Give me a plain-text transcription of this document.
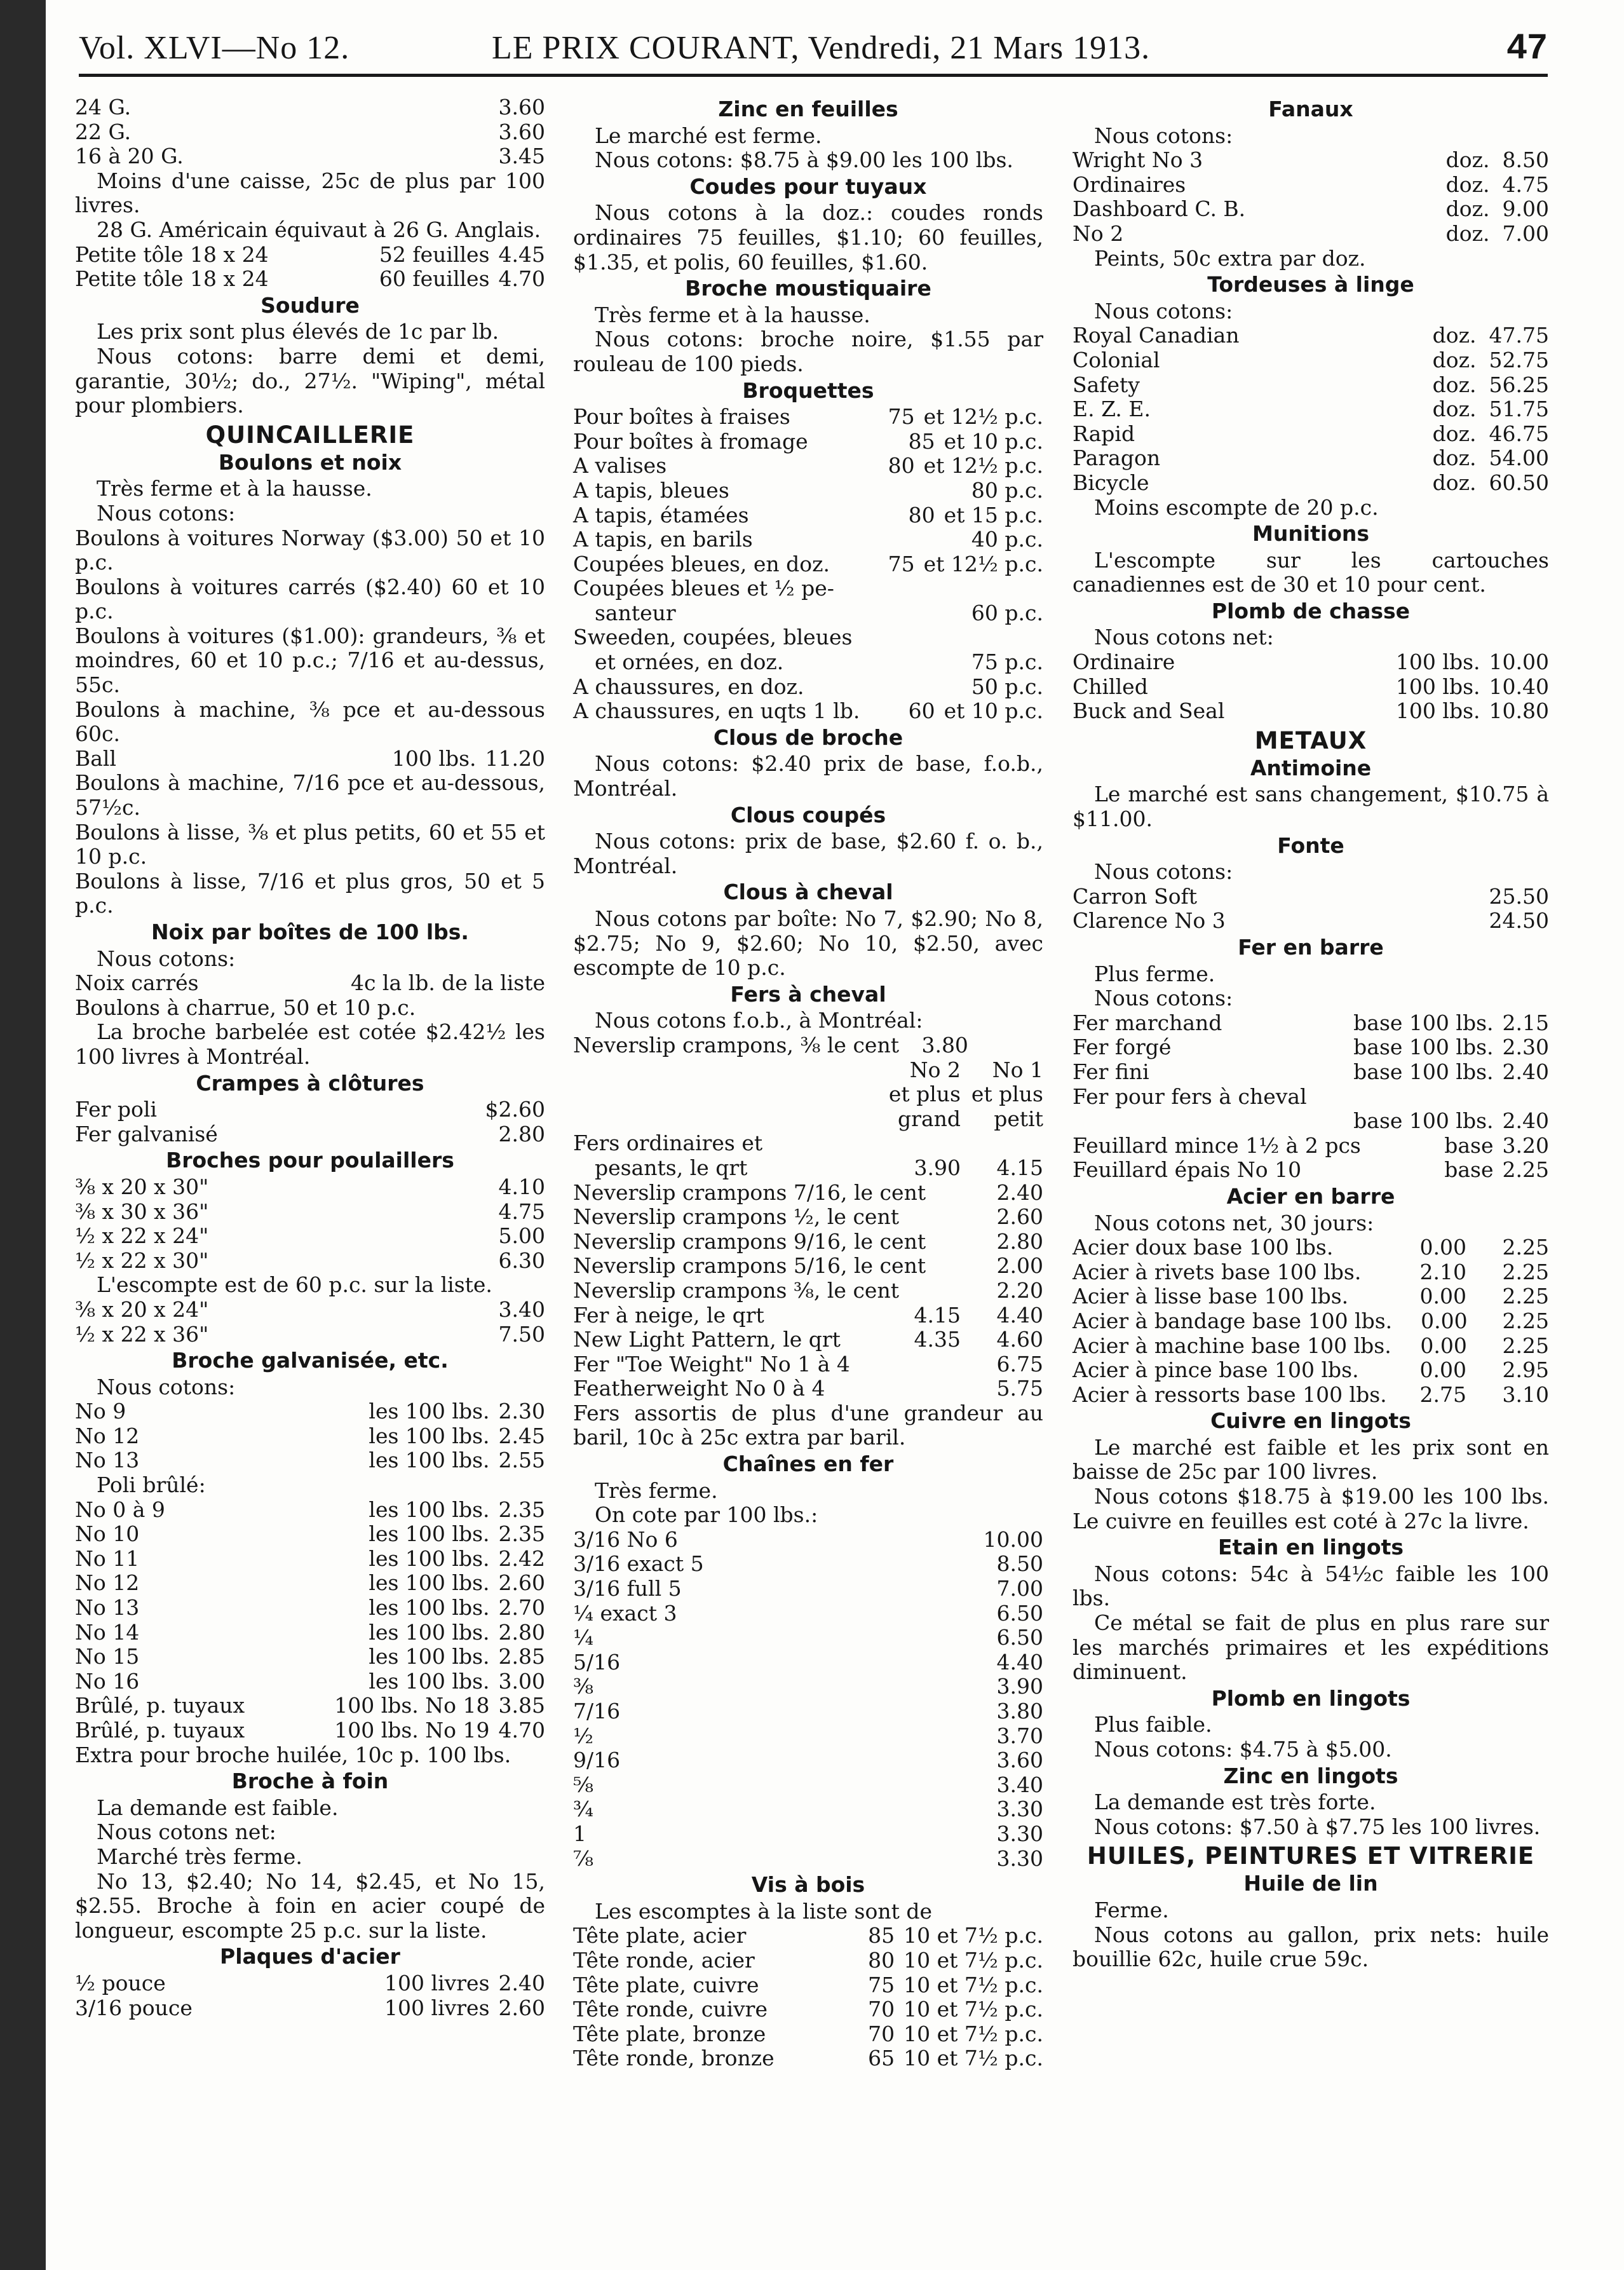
Vol. XLVI—No 12.	LE PRIX COURANT, Vendredi, 21 Mars 1913.	47
24 G.	3.60
22 G.	3.60
16 à 20 G.	3.45

Moins d'une caisse, 25c de plus par 100 livres.

28 G. Américain équivaut à 26 G. Anglais.

Petite tôle 18 x 24	52 feuilles 4.45
Petite tôle 18 x 24	60 feuilles 4.70
Soudure

Les prix sont plus élevés de 1c par lb.

Nous cotons: barre demi et demi, garantie, 30½; do., 27½. "Wiping", métal pour plombiers.

QUINCAILLERIE
Boulons et noix

Très ferme et à la hausse.

Nous cotons:

Boulons à voitures Norway ($3.00) 50 et 10 p.c.

Boulons à voitures carrés ($2.40) 60 et 10 p.c.

Boulons à voitures ($1.00): grandeurs, ⅜ et moindres, 60 et 10 p.c.; 7/16 et au-dessus, 55c.

Boulons à machine, ⅜ pce et au-dessous 60c.

Ball	100 lbs. 11.20

Boulons à machine, 7/16 pce et au-dessous, 57½c.

Boulons à lisse, ⅜ et plus petits, 60 et 55 et 10 p.c.

Boulons à lisse, 7/16 et plus gros, 50 et 5 p.c.

Noix par boîtes de 100 lbs.

Nous cotons:

Noix carrés	4c la lb. de la liste

Boulons à charrue, 50 et 10 p.c.

La broche barbelée est cotée $2.42½ les 100 livres à Montréal.

Crampes à clôtures
Fer poli	$2.60
Fer galvanisé	2.80
Broches pour poulaillers
⅜ x 20 x 30"	4.10
⅜ x 30 x 36"	4.75
½ x 22 x 24"	5.00
½ x 22 x 30"	6.30

L'escompte est de 60 p.c. sur la liste.

⅜ x 20 x 24"	3.40
½ x 22 x 36"	7.50
Broche galvanisée, etc.

Nous cotons:

No 9	les 100 lbs. 2.30
No 12	les 100 lbs. 2.45
No 13	les 100 lbs. 2.55

Poli brûlé:

No 0 à 9	les 100 lbs. 2.35
No 10	les 100 lbs. 2.35
No 11	les 100 lbs. 2.42
No 12	les 100 lbs. 2.60
No 13	les 100 lbs. 2.70
No 14	les 100 lbs. 2.80
No 15	les 100 lbs. 2.85
No 16	les 100 lbs. 3.00
Brûlé, p. tuyaux	100 lbs. No 18 3.85
Brûlé, p. tuyaux	100 lbs. No 19 4.70

Extra pour broche huilée, 10c p. 100 lbs.

Broche à foin

La demande est faible.

Nous cotons net:

Marché très ferme.

No 13, $2.40; No 14, $2.45, et No 15, $2.55. Broche à foin en acier coupé de longueur, escompte 25 p.c. sur la liste.

Plaques d'acier
½ pouce	100 livres 2.40
3/16 pouce	100 livres 2.60
Zinc en feuilles

Le marché est ferme.

Nous cotons: $8.75 à $9.00 les 100 lbs.

Coudes pour tuyaux

Nous cotons à la doz.: coudes ronds ordinaires 75 feuilles, $1.10; 60 feuilles, $1.35, et polis, 60 feuilles, $1.60.

Broche moustiquaire

Très ferme et à la hausse.

Nous cotons: broche noire, $1.55 par rouleau de 100 pieds.

Broquettes
Pour boîtes à fraises	75 et 12½ p.c.
Pour boîtes à fromage	85 et 10 p.c.
A valises	80 et 12½ p.c.
A tapis, bleues	80 p.c.
A tapis, étamées	80 et 15 p.c.
A tapis, en barils	40 p.c.
Coupées bleues, en doz.	75 et 12½ p.c.

Coupées bleues et ½ pe-

santeur	60 p.c.

Sweeden, coupées, bleues

et ornées, en doz.	75 p.c.
A chaussures, en doz.	50 p.c.
A chaussures, en uqts 1 lb.	60 et 10 p.c.
Clous de broche

Nous cotons: $2.40 prix de base, f.o.b., Montréal.

Clous coupés

Nous cotons: prix de base, $2.60 f. o. b., Montréal.

Clous à cheval

Nous cotons par boîte: No 7, $2.90; No 8, $2.75; No 9, $2.60; No 10, $2.50, avec escompte de 10 p.c.

Fers à cheval

Nous cotons f.o.b., à Montréal:

Neverslip crampons, ⅜ le cent	3.80
No 2	No 1
et plus et plus
grand	petit

Fers ordinaires et

pesants, le qrt	3.90	4.15
Neverslip crampons 7/16, le cent	2.40
Neverslip crampons ½, le cent	2.60
Neverslip crampons 9/16, le cent	2.80
Neverslip crampons 5/16, le cent	2.00
Neverslip crampons ⅜, le cent	2.20
Fer à neige, le qrt	4.15	4.40
New Light Pattern, le qrt	4.35	4.60
Fer "Toe Weight" No 1 à 4	6.75
Featherweight No 0 à 4	5.75

Fers assortis de plus d'une grandeur au baril, 10c à 25c extra par baril.

Chaînes en fer

Très ferme.

On cote par 100 lbs.:

3/16 No 6	10.00
3/16 exact 5	8.50
3/16 full 5	7.00
¼ exact 3	6.50
¼	6.50
5/16	4.40
⅜	3.90
7/16	3.80
½	3.70
9/16	3.60
⅝	3.40
¾	3.30
1	3.30
⅞	3.30
Vis à bois

Les escomptes à la liste sont de

Tête plate, acier	85 10 et 7½ p.c.
Tête ronde, acier	80 10 et 7½ p.c.
Tête plate, cuivre	75 10 et 7½ p.c.
Tête ronde, cuivre	70 10 et 7½ p.c.
Tête plate, bronze	70 10 et 7½ p.c.
Tête ronde, bronze	65 10 et 7½ p.c.
Fanaux

Nous cotons:

Wright No 3	doz. 8.50
Ordinaires	doz. 4.75
Dashboard C. B.	doz. 9.00
No 2	doz. 7.00

Peints, 50c extra par doz.

Tordeuses à linge

Nous cotons:

Royal Canadian	doz. 47.75
Colonial	doz. 52.75
Safety	doz. 56.25
E. Z. E.	doz. 51.75
Rapid	doz. 46.75
Paragon	doz. 54.00
Bicycle	doz. 60.50

Moins escompte de 20 p.c.

Munitions

L'escompte sur les cartouches canadiennes est de 30 et 10 pour cent.

Plomb de chasse

Nous cotons net:

Ordinaire	100 lbs. 10.00
Chilled	100 lbs. 10.40
Buck and Seal	100 lbs. 10.80
METAUX
Antimoine

Le marché est sans changement, $10.75 à $11.00.

Fonte

Nous cotons:

Carron Soft	25.50
Clarence No 3	24.50
Fer en barre

Plus ferme.

Nous cotons:

Fer marchand	base 100 lbs. 2.15
Fer forgé	base 100 lbs. 2.30
Fer fini	base 100 lbs. 2.40

Fer pour fers à cheval

base 100 lbs. 2.40
Feuillard mince 1½ à 2 pcs	base 3.20
Feuillard épais No 10	base 2.25
Acier en barre

Nous cotons net, 30 jours:

Acier doux base 100 lbs.	0.00	2.25
Acier à rivets base 100 lbs.	2.10	2.25
Acier à lisse base 100 lbs.	0.00	2.25
Acier à bandage base 100 lbs.	0.00	2.25
Acier à machine base 100 lbs.	0.00	2.25
Acier à pince base 100 lbs.	0.00	2.95
Acier à ressorts base 100 lbs.	2.75	3.10
Cuivre en lingots

Le marché est faible et les prix sont en baisse de 25c par 100 livres.

Nous cotons $18.75 à $19.00 les 100 lbs. Le cuivre en feuilles est coté à 27c la livre.

Etain en lingots

Nous cotons: 54c à 54½c faible les 100 lbs.

Ce métal se fait de plus en plus rare sur les marchés primaires et les expéditions diminuent.

Plomb en lingots

Plus faible.

Nous cotons: $4.75 à $5.00.

Zinc en lingots

La demande est très forte.

Nous cotons: $7.50 à $7.75 les 100 livres.

HUILES, PEINTURES ET VITRERIE
Huile de lin

Ferme.

Nous cotons au gallon, prix nets: huile bouillie 62c, huile crue 59c.
